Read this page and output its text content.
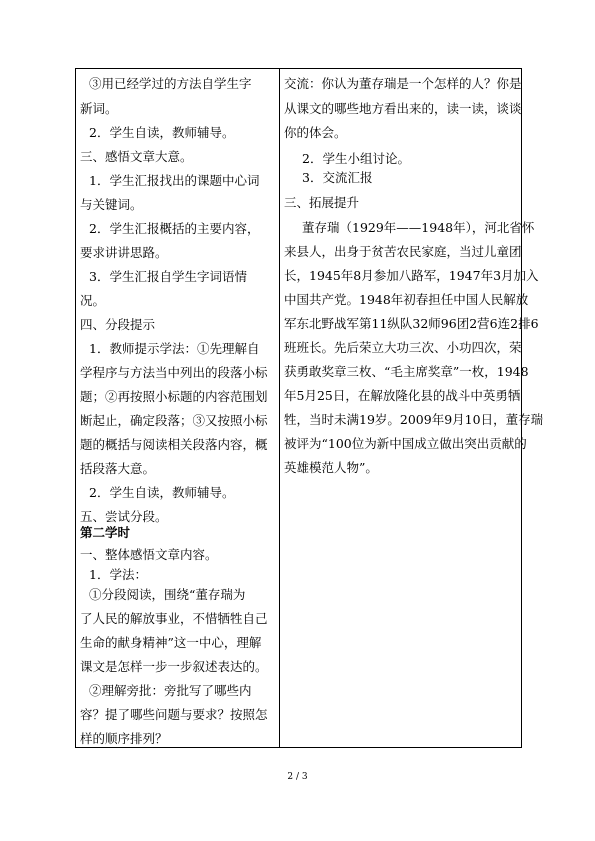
③用已经学过的方法自学生字
新词。
2．学生自读，教师辅导。
三、感悟文章大意。
1．学生汇报找出的课题中心词
与关键词。
2．学生汇报概括的主要内容，
要求讲讲思路。
3．学生汇报自学生字词语情
况。
四、分段提示
1．教师提示学法：①先理解自
学程序与方法当中列出的段落小标
题；②再按照小标题的内容范围划
断起止，确定段落；③又按照小标
题的概括与阅读相关段落内容，概
括段落大意。
2．学生自读，教师辅导。
五、尝试分段。
第二学时
一、整体感悟文章内容。
1．学法：
①分段阅读，围绕“董存瑞为
了人民的解放事业，不惜牺牲自己
生命的献身精神”这一中心，理解
课文是怎样一步一步叙述表达的。
②理解旁批：旁批写了哪些内
容？提了哪些问题与要求？按照怎
交流：你认为董存瑞是一个怎样的人？你是
从课文的哪些地方看出来的，读一读，谈谈
你的体会。
2．学生小组讨论。
3．交流汇报
三、拓展提升
董存瑞（1929年——1948年），河北省怀
来县人，出身于贫苦农民家庭，当过儿童团
长，1945年8月参加八路军，1947年3月加入
中国共产党。1948年初春担任中国人民解放
军东北野战军第11纵队32师96团2营6连2排6
班班长。先后荣立大功三次、小功四次，荣
获勇敢奖章三枚、“毛主席奖章”一枚，1948
年5月25日，在解放隆化县的战斗中英勇牺
牲，当时未满19岁。2009年9月10日，董存瑞
被评为“100位为新中国成立做出突出贡献的
英雄模范人物”。
2 / 3
样的顺序排列？
